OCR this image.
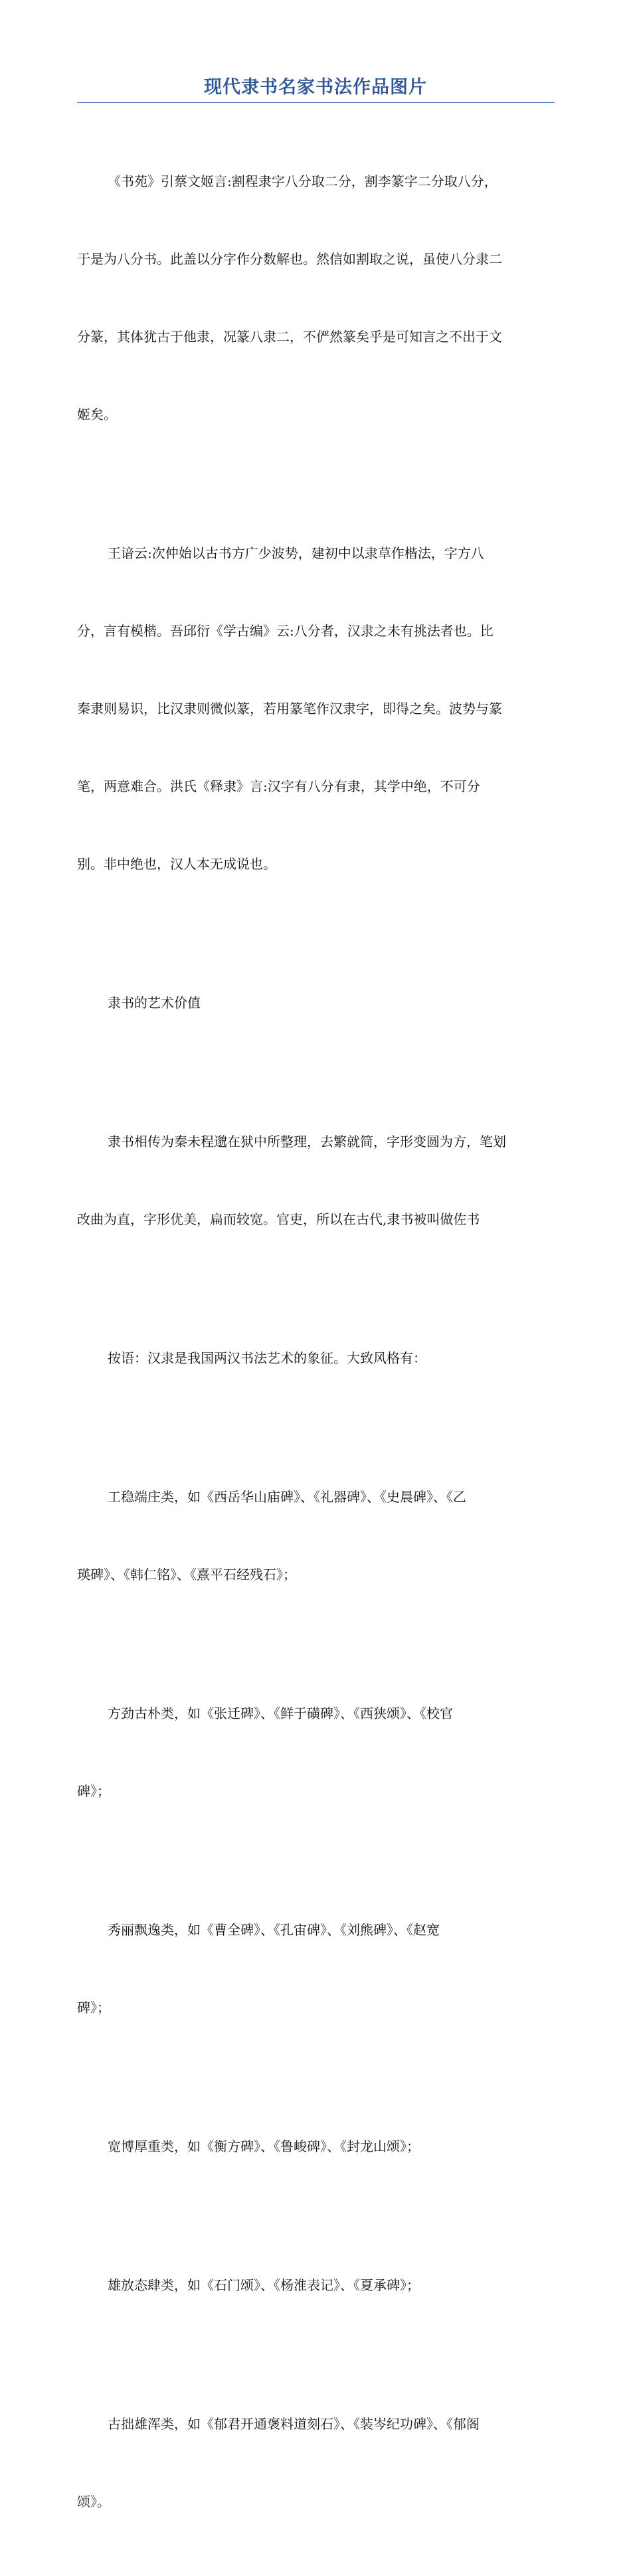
现代隶书名家书法作品图片

《书苑》引蔡文姬言:割程隶字八分取二分，割李篆字二分取八分，

于是为八分书。此盖以分字作分数解也。然信如割取之说，虽使八分隶二

分篆，其体犹古于他隶，况篆八隶二，不俨然篆矣乎是可知言之不出于文

姬矣。

王谙云:次仲始以古书方广少波势，建初中以隶草作楷法，字方八

分，言有模楷。吾邱衍《学古编》云:八分者，汉隶之未有挑法者也。比

秦隶则易识，比汉隶则微似篆，若用篆笔作汉隶字，即得之矣。波势与篆

笔，两意难合。洪氏《释隶》言:汉字有八分有隶，其学中绝，不可分

别。非中绝也，汉人本无成说也。

隶书的艺术价值

隶书相传为秦未程邈在狱中所整理，去繁就简，字形变圆为方，笔划

改曲为直，字形优美，扁而较宽。官吏，所以在古代,隶书被叫做佐书

按语：汉隶是我国两汉书法艺术的象征。大致风格有：

工稳端庄类，如《西岳华山庙碑》、《礼器碑》、《史晨碑》、《乙

瑛碑》、《韩仁铭》、《熹平石经残石》；

方劲古朴类，如《张迁碑》、《鲜于磺碑》、《西狭颂》、《校官

碑》；

秀丽飘逸类，如《曹全碑》、《孔宙碑》、《刘熊碑》、《赵宽

碑》；

宽博厚重类，如《衡方碑》、《鲁峻碑》、《封龙山颂》；

雄放态肆类，如《石门颂》、《杨淮表记》、《夏承碑》；

古拙雄浑类，如《郁君开通褒料道刻石》、《装岑纪功碑》、《郁阁

颂》。
